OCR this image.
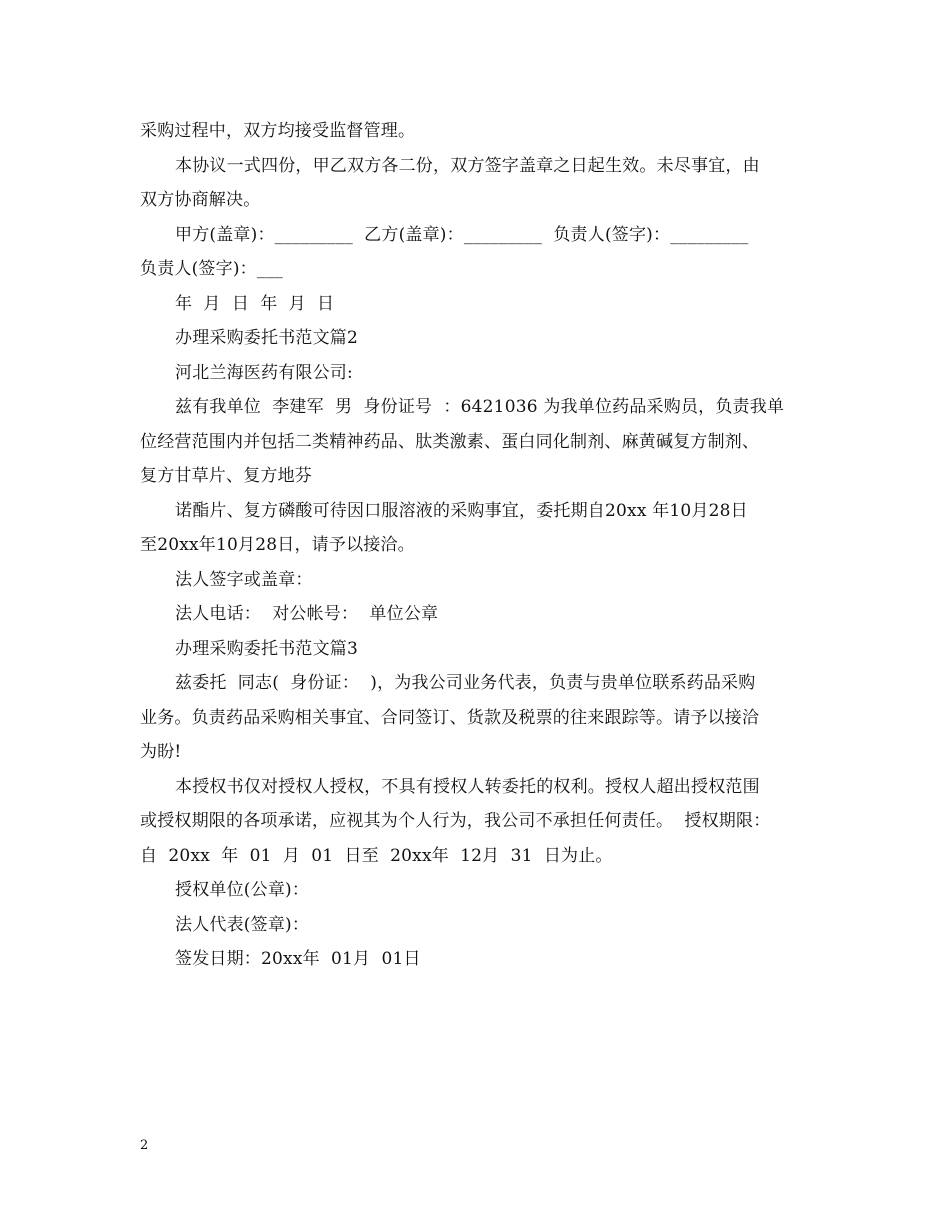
采购过程中，双方均接受监督管理。
本协议一式四份，甲乙双方各二份，双方签字盖章之日起生效。未尽事宜，由
双方协商解决。
甲方(盖章)：_________  乙方(盖章)：_________  负责人(签字)：_________
负责人(签字)：___
年  月  日  年  月  日
办理采购委托书范文篇2
河北兰海医药有限公司:
兹有我单位  李建军  男  身份证号  ：6421036 为我单位药品采购员，负责我单
位经营范围内并包括二类精神药品、肽类激素、蛋白同化制剂、麻黄碱复方制剂、
复方甘草片、复方地芬
诺酯片、复方磷酸可待因口服溶液的采购事宜，委托期自20xx 年10月28日
至20xx年10月28日，请予以接洽。
法人签字或盖章：
法人电话：  对公帐号：  单位公章
办理采购委托书范文篇3
兹委托  同志(  身份证：  )，为我公司业务代表，负责与贵单位联系药品采购
业务。负责药品采购相关事宜、合同签订、货款及税票的往来跟踪等。请予以接洽
为盼!
本授权书仅对授权人授权，不具有授权人转委托的权利。授权人超出授权范围
或授权期限的各项承诺，应视其为个人行为，我公司不承担任何责任。  授权期限：
自  20xx  年  01  月  01  日至  20xx年  12月  31  日为止。
授权单位(公章)：
法人代表(签章)：
签发日期：20xx年  01月  01日
2
